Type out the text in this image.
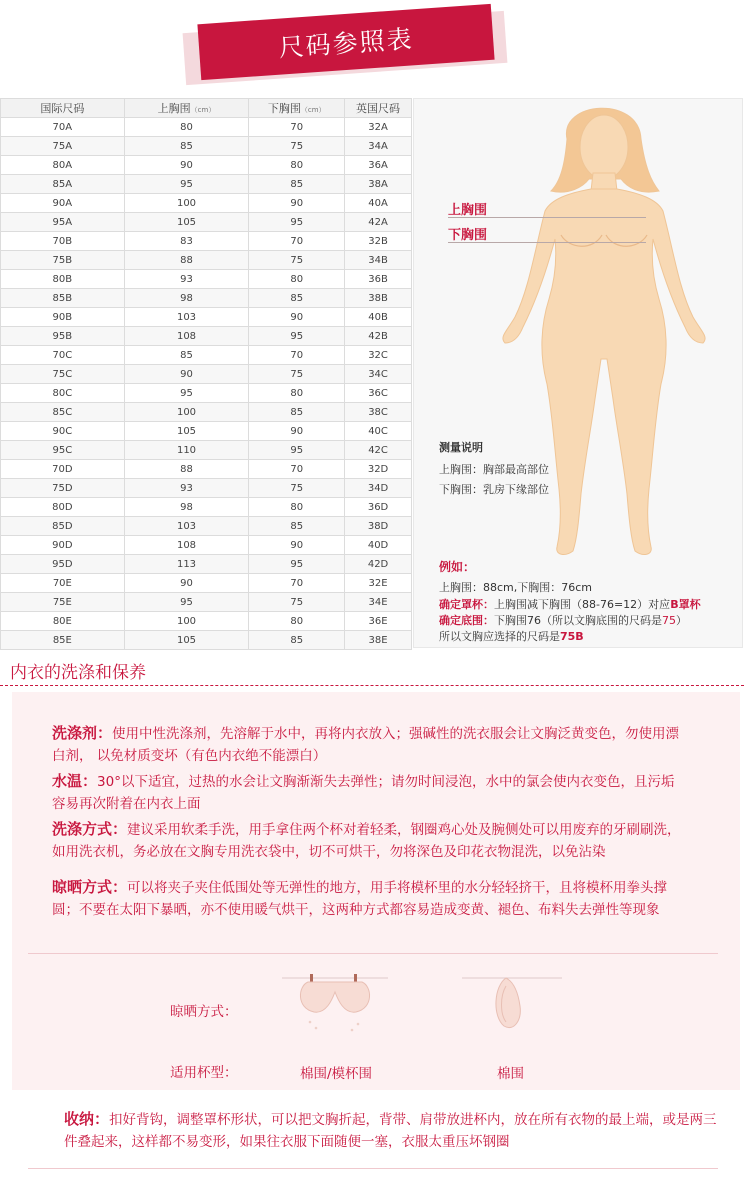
尺码参照表
国际尺码	上胸围（cm）	下胸围（cm）	英国尺码
70A	80	70	32A
75A	85	75	34A
80A	90	80	36A
85A	95	85	38A
90A	100	90	40A
95A	105	95	42A
70B	83	70	32B
75B	88	75	34B
80B	93	80	36B
85B	98	85	38B
90B	103	90	40B
95B	108	95	42B
70C	85	70	32C
75C	90	75	34C
80C	95	80	36C
85C	100	85	38C
90C	105	90	40C
95C	110	95	42C
70D	88	70	32D
75D	93	75	34D
80D	98	80	36D
85D	103	85	38D
90D	108	90	40D
95D	113	95	42D
70E	90	70	32E
75E	95	75	34E
80E	100	80	36E
85E	105	85	38E
上胸围
下胸围
测量说明
上胸围：胸部最高部位
下胸围：乳房下缘部位
例如：
上胸围：88cm,下胸围：76cm
确定罩杯：上胸围减下胸围（88-76=12）对应B罩杯
确定底围：下胸围76（所以文胸底围的尺码是75）
所以文胸应选择的尺码是75B
内衣的洗涤和保养
洗涤剂：使用中性洗涤剂，先溶解于水中，再将内衣放入；强碱性的洗衣服会让文胸泛黄变色，勿使用漂白剂， 以免材质变坏（有色内衣绝不能漂白）
水温：30°以下适宜，过热的水会让文胸渐渐失去弹性；请勿时间浸泡，水中的氯会使内衣变色，且污垢容易再次附着在内衣上面
洗涤方式：建议采用软柔手洗，用手拿住两个杯对着轻柔，钢圈鸡心处及腕侧处可以用废弃的牙刷刷洗，如用洗衣机，务必放在文胸专用洗衣袋中，切不可烘干，勿将深色及印花衣物混洗，以免沾染
晾晒方式：可以将夹子夹住低围处等无弹性的地方，用手将模杯里的水分轻轻挤干，且将模杯用拳头撑圆；不要在太阳下暴晒，亦不使用暖气烘干，这两种方式都容易造成变黄、褪色、布料失去弹性等现象
晾晒方式：
适用杯型：	棉围/模杯围	棉围
收纳：扣好背钩，调整罩杯形状，可以把文胸折起，背带、肩带放进杯内，放在所有衣物的最上端，或是两三件叠起来，这样都不易变形，如果往衣服下面随便一塞，衣服太重压坏钢圈
